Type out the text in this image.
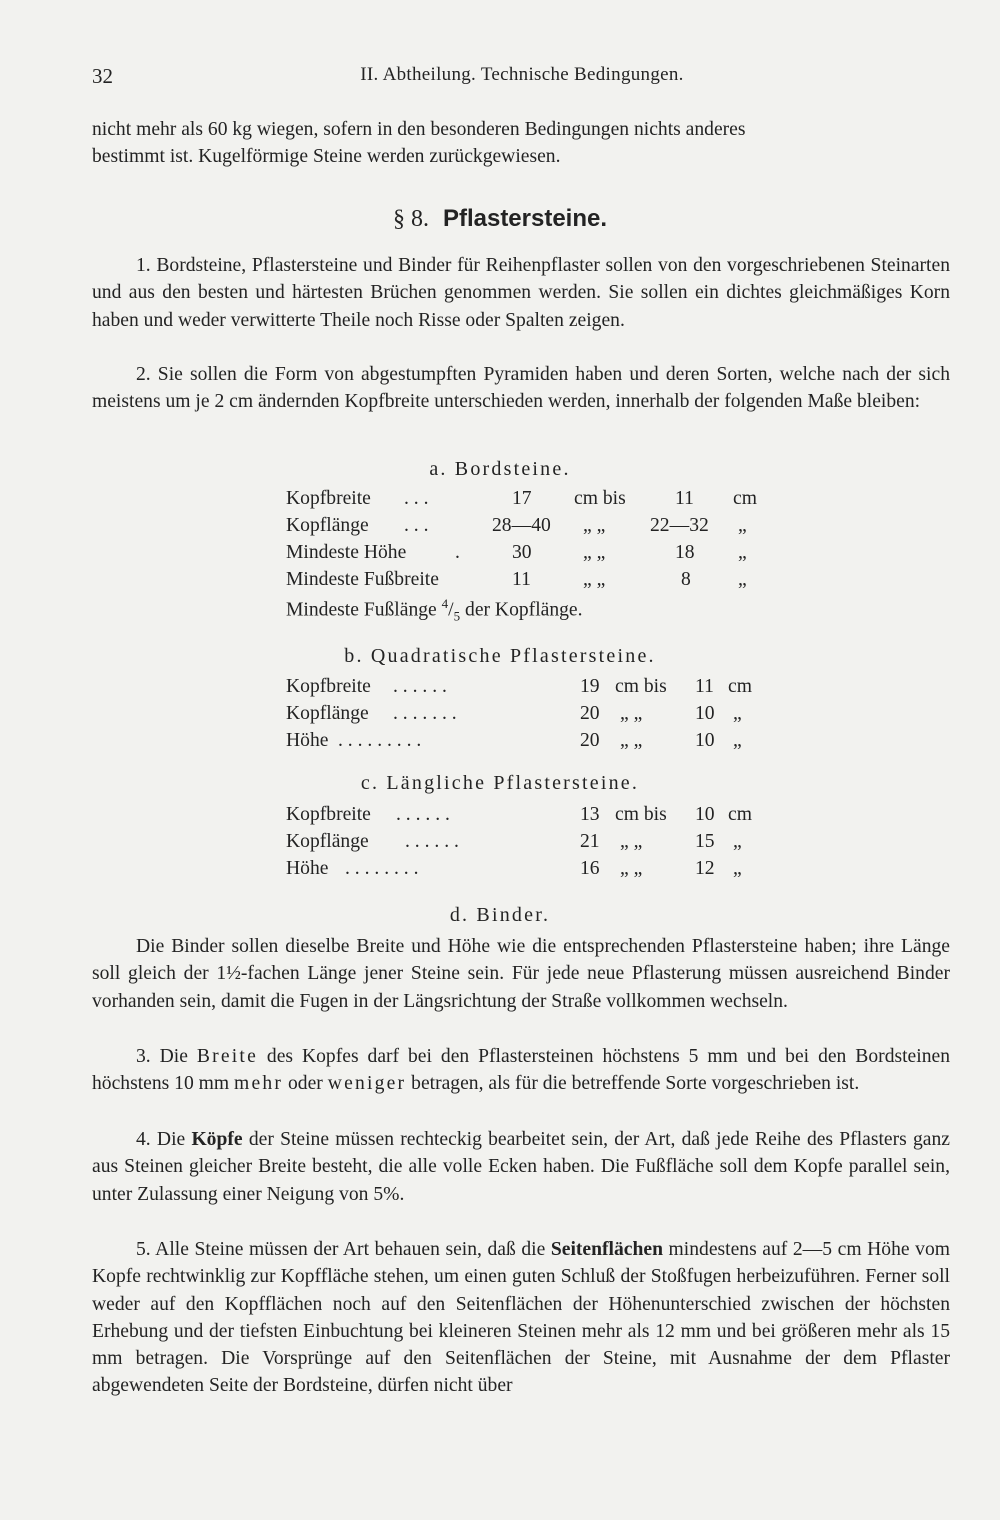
32	II. Abtheilung. Technische Bedingungen.
nicht mehr als 60 kg wiegen, sofern in den besonderen Bedingungen nichts anderes
bestimmt ist. Kugelförmige Steine werden zurückgewiesen.
§ 8. Pflastersteine.

1. Bordsteine, Pflastersteine und Binder für Reihenpflaster sollen von den vorgeschriebenen Steinarten und aus den besten und härtesten Brüchen genommen werden. Sie sollen ein dichtes gleichmäßiges Korn haben und weder verwitterte Theile noch Risse oder Spalten zeigen.

2. Sie sollen die Form von abgestumpften Pyramiden haben und deren Sorten, welche nach der sich meistens um je 2 cm ändernden Kopfbreite unterschieden werden, innerhalb der folgenden Maße bleiben:

a. Bordsteine.
Kopfbreite . . .	17 cm bis	11 cm
Kopflänge . . .	28—40 „ „ 22—32 „
Mindeste Höhe .	30	„ „	18 „
Mindeste Fußbreite	11	„ „	8 „
Mindeste Fußlänge $^4/_5$ der Kopflänge.
b. Quadratische Pflastersteine.
Kopfbreite . . . . . .	19 cm bis 11 cm
Kopflänge . . . . . . .	20 „ „	10 „
Höhe . . . . . . . . .	20 „ „	10 „
c. Längliche Pflastersteine.
Kopfbreite . . . . . .	13 cm bis 10 cm
Kopflänge . . . . . .	21 „ „	15 „
Höhe . . . . . . . .	16 „ „	12 „
d. Binder.

Die Binder sollen dieselbe Breite und Höhe wie die entsprechenden Pflastersteine haben; ihre Länge soll gleich der 1½-fachen Länge jener Steine sein. Für jede neue Pflasterung müssen ausreichend Binder vorhanden sein, damit die Fugen in der Längsrichtung der Straße vollkommen wechseln.

3. Die Breite des Kopfes darf bei den Pflastersteinen höchstens 5 mm und bei den Bordsteinen höchstens 10 mm mehr oder weniger betragen, als für die betreffende Sorte vorgeschrieben ist.

4. Die Köpfe der Steine müssen rechteckig bearbeitet sein, der Art, daß jede Reihe des Pflasters ganz aus Steinen gleicher Breite besteht, die alle volle Ecken haben. Die Fußfläche soll dem Kopfe parallel sein, unter Zulassung einer Neigung von 5%.

5. Alle Steine müssen der Art behauen sein, daß die Seitenflächen mindestens auf 2—5 cm Höhe vom Kopfe rechtwinklig zur Kopffläche stehen, um einen guten Schluß der Stoßfugen herbeizuführen. Ferner soll weder auf den Kopfflächen noch auf den Seitenflächen der Höhenunterschied zwischen der höchsten Erhebung und der tiefsten Einbuchtung bei kleineren Steinen mehr als 12 mm und bei größeren mehr als 15 mm betragen. Die Vorsprünge auf den Seitenflächen der Steine, mit Ausnahme der dem Pflaster abgewendeten Seite der Bordsteine, dürfen nicht über
